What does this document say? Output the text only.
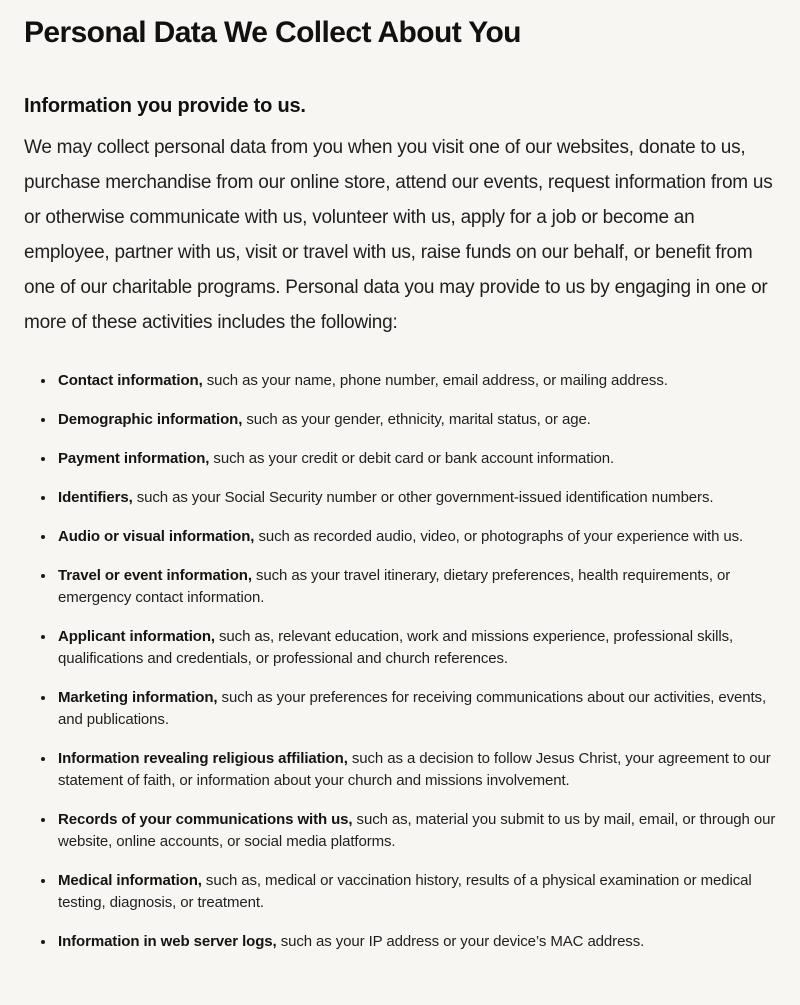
Personal Data We Collect About You
Information you provide to us.

We may collect personal data from you when you visit one of our websites, donate to us, purchase merchandise from our online store, attend our events, request information from us or otherwise communicate with us, volunteer with us, apply for a job or become an employee, partner with us, visit or travel with us, raise funds on our behalf, or benefit from one of our charitable programs. Personal data you may provide to us by engaging in one or more of these activities includes the following:

• Contact information, such as your name, phone number, email address, or mailing address.
• Demographic information, such as your gender, ethnicity, marital status, or age.
• Payment information, such as your credit or debit card or bank account information.
• Identifiers, such as your Social Security number or other government-issued identification numbers.
• Audio or visual information, such as recorded audio, video, or photographs of your experience with us.
• Travel or event information, such as your travel itinerary, dietary preferences, health requirements, or emergency contact information.
• Applicant information, such as, relevant education, work and missions experience, professional skills, qualifications and credentials, or professional and church references.
• Marketing information, such as your preferences for receiving communications about our activities, events, and publications.
• Information revealing religious affiliation, such as a decision to follow Jesus Christ, your agreement to our statement of faith, or information about your church and missions involvement.
• Records of your communications with us, such as, material you submit to us by mail, email, or through our website, online accounts, or social media platforms.
• Medical information, such as, medical or vaccination history, results of a physical examination or medical testing, diagnosis, or treatment.
• Information in web server logs, such as your IP address or your device’s MAC address.
